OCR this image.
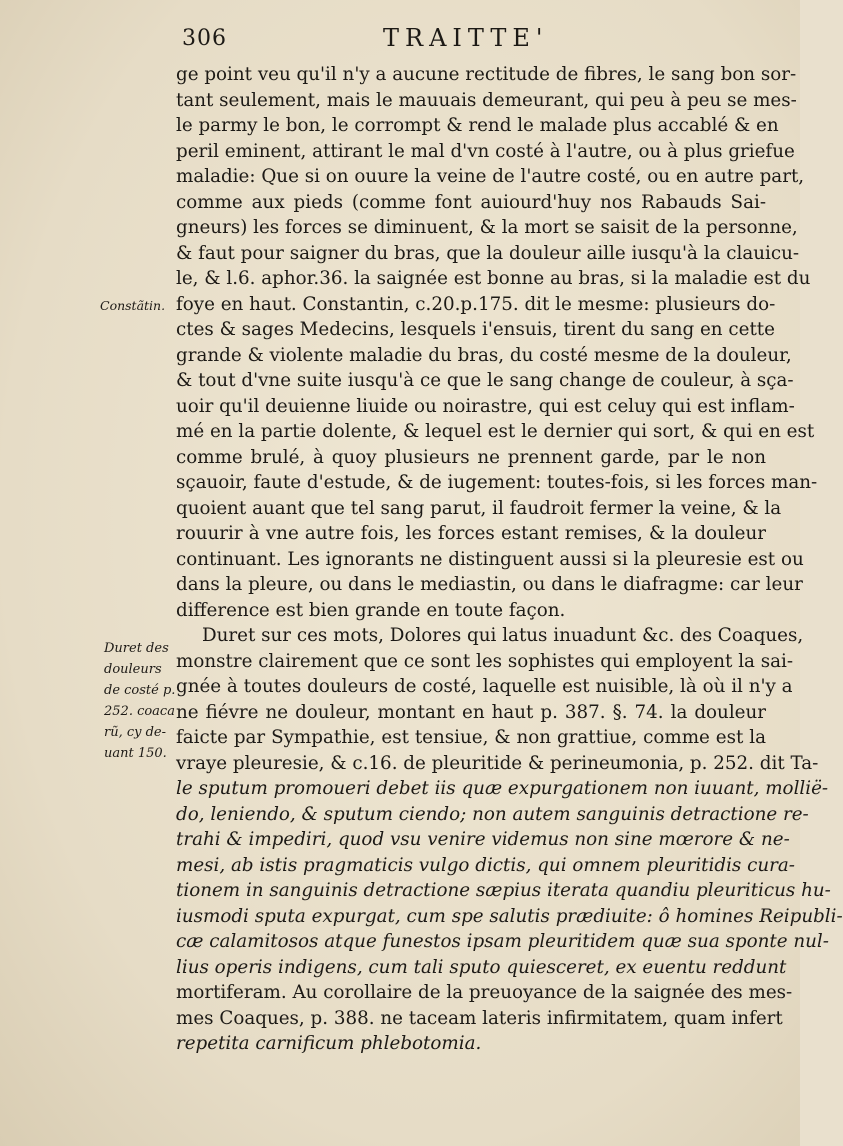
306	TRAITTE'
ge point veu qu'il n'y a aucune rectitude de fibres, le sang bon sor-
tant seulement, mais le mauuais demeurant, qui peu à peu se mes-
le parmy le bon, le corrompt & rend le malade plus accablé & en
peril eminent, attirant le mal d'vn costé à l'autre, ou à plus griefue
maladie: Que si on ouure la veine de l'autre costé, ou en autre part,
comme aux pieds (comme font auiourd'huy nos Rabauds Sai-
gneurs) les forces se diminuent, & la mort se saisit de la personne,
& faut pour saigner du bras, que la douleur aille iusqu'à la clauicu-
le, & l.6. aphor.36. la saignée est bonne au bras, si la maladie est du
foye en haut. Constantin, c.20.p.175. dit le mesme: plusieurs do-
ctes & sages Medecins, lesquels i'ensuis, tirent du sang en cette
grande & violente maladie du bras, du costé mesme de la douleur,
& tout d'vne suite iusqu'à ce que le sang change de couleur, à sça-
uoir qu'il deuienne liuide ou noirastre, qui est celuy qui est inflam-
mé en la partie dolente, & lequel est le dernier qui sort, & qui en est
comme brulé, à quoy plusieurs ne prennent garde, par le non
sçauoir, faute d'estude, & de iugement: toutes-fois, si les forces man-
quoient auant que tel sang parut, il faudroit fermer la veine, & la
rouurir à vne autre fois, les forces estant remises, & la douleur
continuant. Les ignorants ne distinguent aussi si la pleuresie est ou
dans la pleure, ou dans le mediastin, ou dans le diafragme: car leur
difference est bien grande en toute façon.
Duret sur ces mots, Dolores qui latus inuadunt &c. des Coaques,
monstre clairement que ce sont les sophistes qui employent la sai-
gnée à toutes douleurs de costé, laquelle est nuisible, là où il n'y a
ne fiévre ne douleur, montant en haut p. 387. §. 74. la douleur
faicte par Sympathie, est tensiue, & non grattiue, comme est la
vraye pleuresie, & c.16. de pleuritide & perineumonia, p. 252. dit Ta-
le sputum promoueri debet iis quæ expurgationem non iuuant, mollië-
do, leniendo, & sputum ciendo; non autem sanguinis detractione re-
trahi & impediri, quod vsu venire videmus non sine mœrore & ne-
mesi, ab istis pragmaticis vulgo dictis, qui omnem pleuritidis cura-
tionem in sanguinis detractione sæpius iterata quandiu pleuriticus hu-
iusmodi sputa expurgat, cum spe salutis prædiuite: ô homines Reipubli-
cæ calamitosos atque funestos ipsam pleuritidem quæ sua sponte nul-
lius operis indigens, cum tali sputo quiesceret, ex euentu reddunt
mortiferam. Au corollaire de la preuoyance de la saignée des mes-
mes Coaques, p. 388. ne taceam lateris infirmitatem, quam infert
repetita carnificum phlebotomia.
Constãtin.
Duret des
douleurs
de costé p.
252. coaca
rũ, cy de-
uant 150.
